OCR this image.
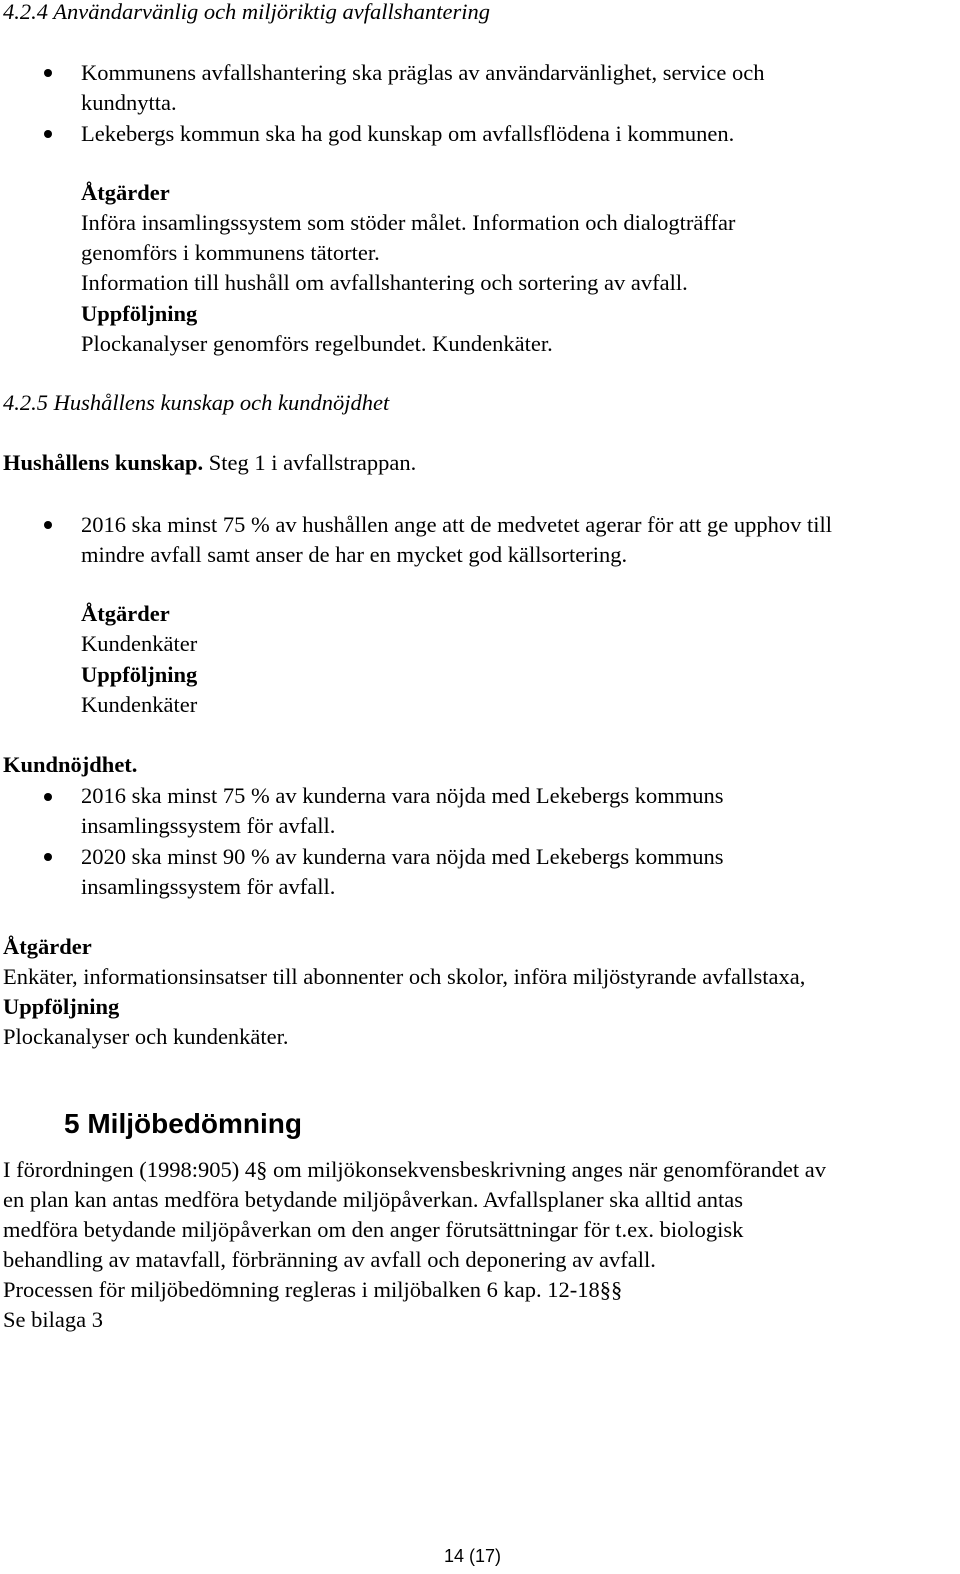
4.2.4 Användarvänlig och miljöriktig avfallshantering
Kommunens avfallshantering ska präglas av användarvänlighet, service och
kundnytta.
Lekebergs kommun ska ha god kunskap om avfallsflödena i kommunen.
Åtgärder
Införa insamlingssystem som stöder målet. Information och dialogträffar
genomförs i kommunens tätorter.
Information till hushåll om avfallshantering och sortering av avfall.
Uppföljning
Plockanalyser genomförs regelbundet. Kundenkäter.
4.2.5 Hushållens kunskap och kundnöjdhet
Hushållens kunskap. Steg 1 i avfallstrappan.
2016 ska minst 75 % av hushållen ange att de medvetet agerar för att ge upphov till
mindre avfall samt anser de har en mycket god källsortering.
Åtgärder
Kundenkäter
Uppföljning
Kundenkäter
Kundnöjdhet.
2016 ska minst 75 % av kunderna vara nöjda med Lekebergs kommuns
insamlingssystem för avfall.
2020 ska minst 90 % av kunderna vara nöjda med Lekebergs kommuns
insamlingssystem för avfall.
Åtgärder
Enkäter, informationsinsatser till abonnenter och skolor, införa miljöstyrande avfallstaxa,
Uppföljning
Plockanalyser och kundenkäter.
5 Miljöbedömning
I förordningen (1998:905) 4§ om miljökonsekvensbeskrivning anges när genomförandet av
en plan kan antas medföra betydande miljöpåverkan. Avfallsplaner ska alltid antas
medföra betydande miljöpåverkan om den anger förutsättningar för t.ex. biologisk
behandling av matavfall, förbränning av avfall och deponering av avfall.
Processen för miljöbedömning regleras i miljöbalken 6 kap. 12-18§§
Se bilaga 3
14 (17)
